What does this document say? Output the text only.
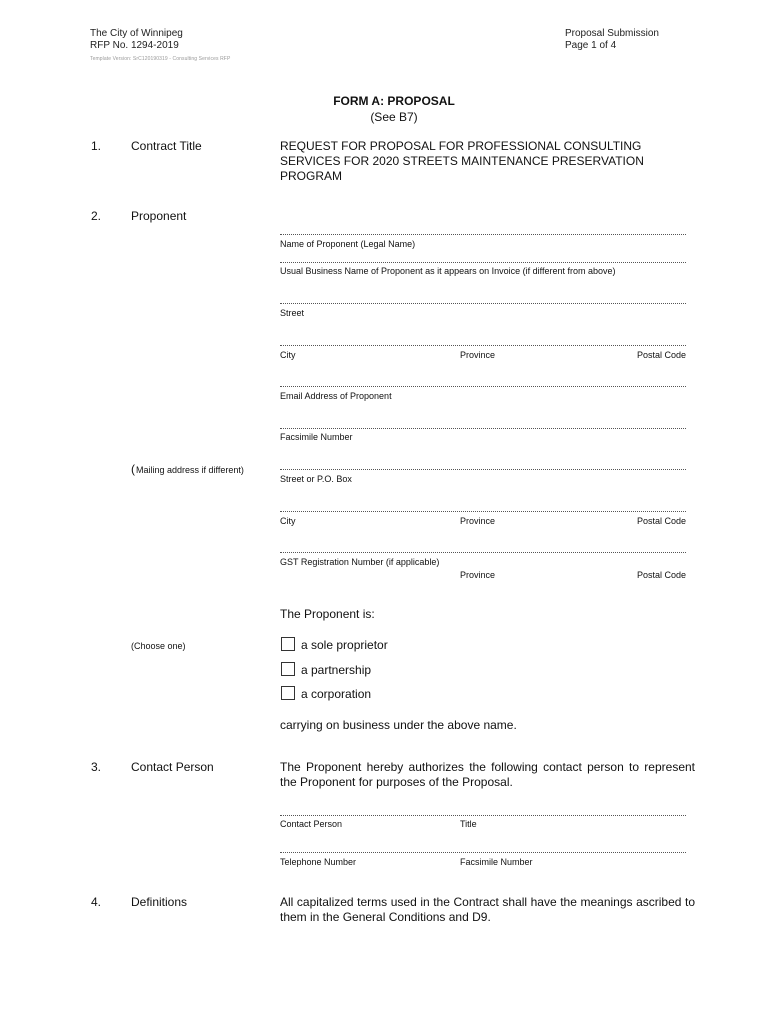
The City of Winnipeg
RFP No. 1294-2019
Template Version: SrC120190319 - Consulting Services RFP
Proposal Submission
Page 1 of 4
FORM A: PROPOSAL
(See B7)
1. Contract Title	REQUEST FOR PROPOSAL FOR PROFESSIONAL CONSULTING
SERVICES FOR 2020 STREETS MAINTENANCE PRESERVATION
PROGRAM
2. Proponent
Name of Proponent (Legal Name)
Usual Business Name of Proponent as it appears on Invoice (if different from above)
Street
City	Province	Postal Code
Email Address of Proponent
Facsimile Number
( Mailing address if different)
Street or P.O. Box
City	Province	Postal Code
GST Registration Number (if applicable)
Province	Postal Code
The Proponent is:
(Choose one)	a sole proprietor
a partnership
a corporation
carrying on business under the above name.
3. Contact Person	The Proponent hereby authorizes the following contact person to represent the Proponent for purposes of the Proposal.
Contact Person	Title
Telephone Number	Facsimile Number
4. Definitions	All capitalized terms used in the Contract shall have the meanings ascribed to them in the General Conditions and D9.
